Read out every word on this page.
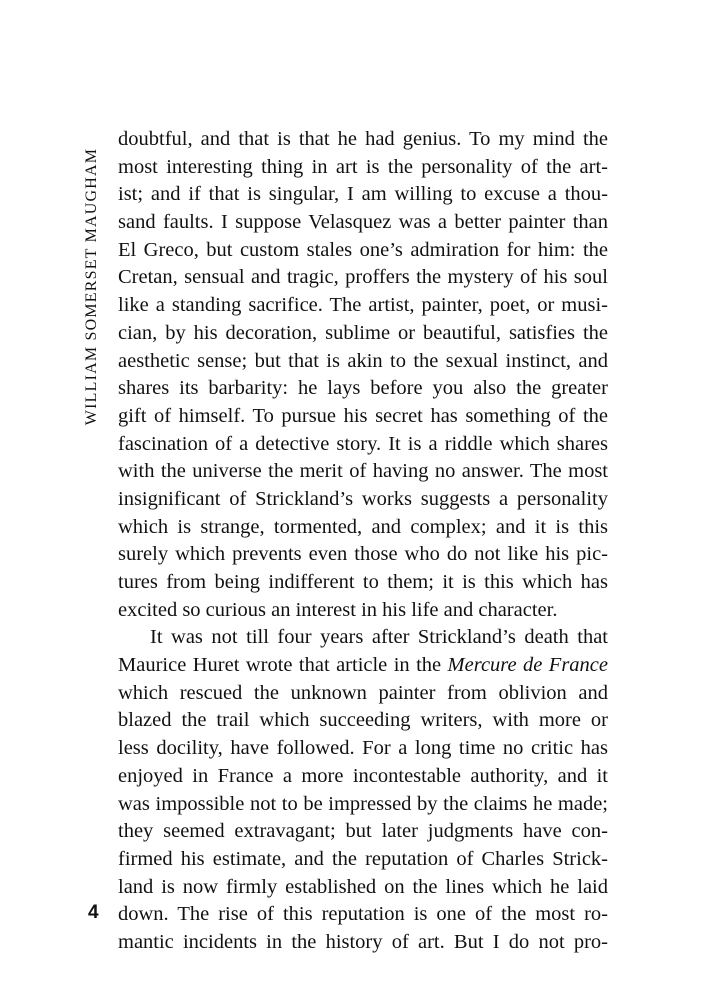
WILLIAM SOMERSET MAUGHAM
doubtful, and that is that he had genius. To my mind the
most interesting thing in art is the personality of the art-
ist; and if that is singular, I am willing to excuse a thou-
sand faults. I suppose Velasquez was a better painter than
El Greco, but custom stales one’s admiration for him: the
Cretan, sensual and tragic, proffers the mystery of his soul
like a standing sacrifice. The artist, painter, poet, or musi-
cian, by his decoration, sublime or beautiful, satisfies the
aesthetic sense; but that is akin to the sexual instinct, and
shares its barbarity: he lays before you also the greater
gift of himself. To pursue his secret has something of the
fascination of a detective story. It is a riddle which shares
with the universe the merit of having no answer. The most
insignificant of Strickland’s works suggests a personality
which is strange, tormented, and complex; and it is this
surely which prevents even those who do not like his pic-
tures from being indifferent to them; it is this which has
excited so curious an interest in his life and character.
It was not till four years after Strickland’s death that
Maurice Huret wrote that article in the Mercure de France
which rescued the unknown painter from oblivion and
blazed the trail which succeeding writers, with more or
less docility, have followed. For a long time no critic has
enjoyed in France a more incontestable authority, and it
was impossible not to be impressed by the claims he made;
they seemed extravagant; but later judgments have con-
firmed his estimate, and the reputation of Charles Strick-
land is now firmly established on the lines which he laid
down. The rise of this reputation is one of the most ro-
mantic incidents in the history of art. But I do not pro-
4
